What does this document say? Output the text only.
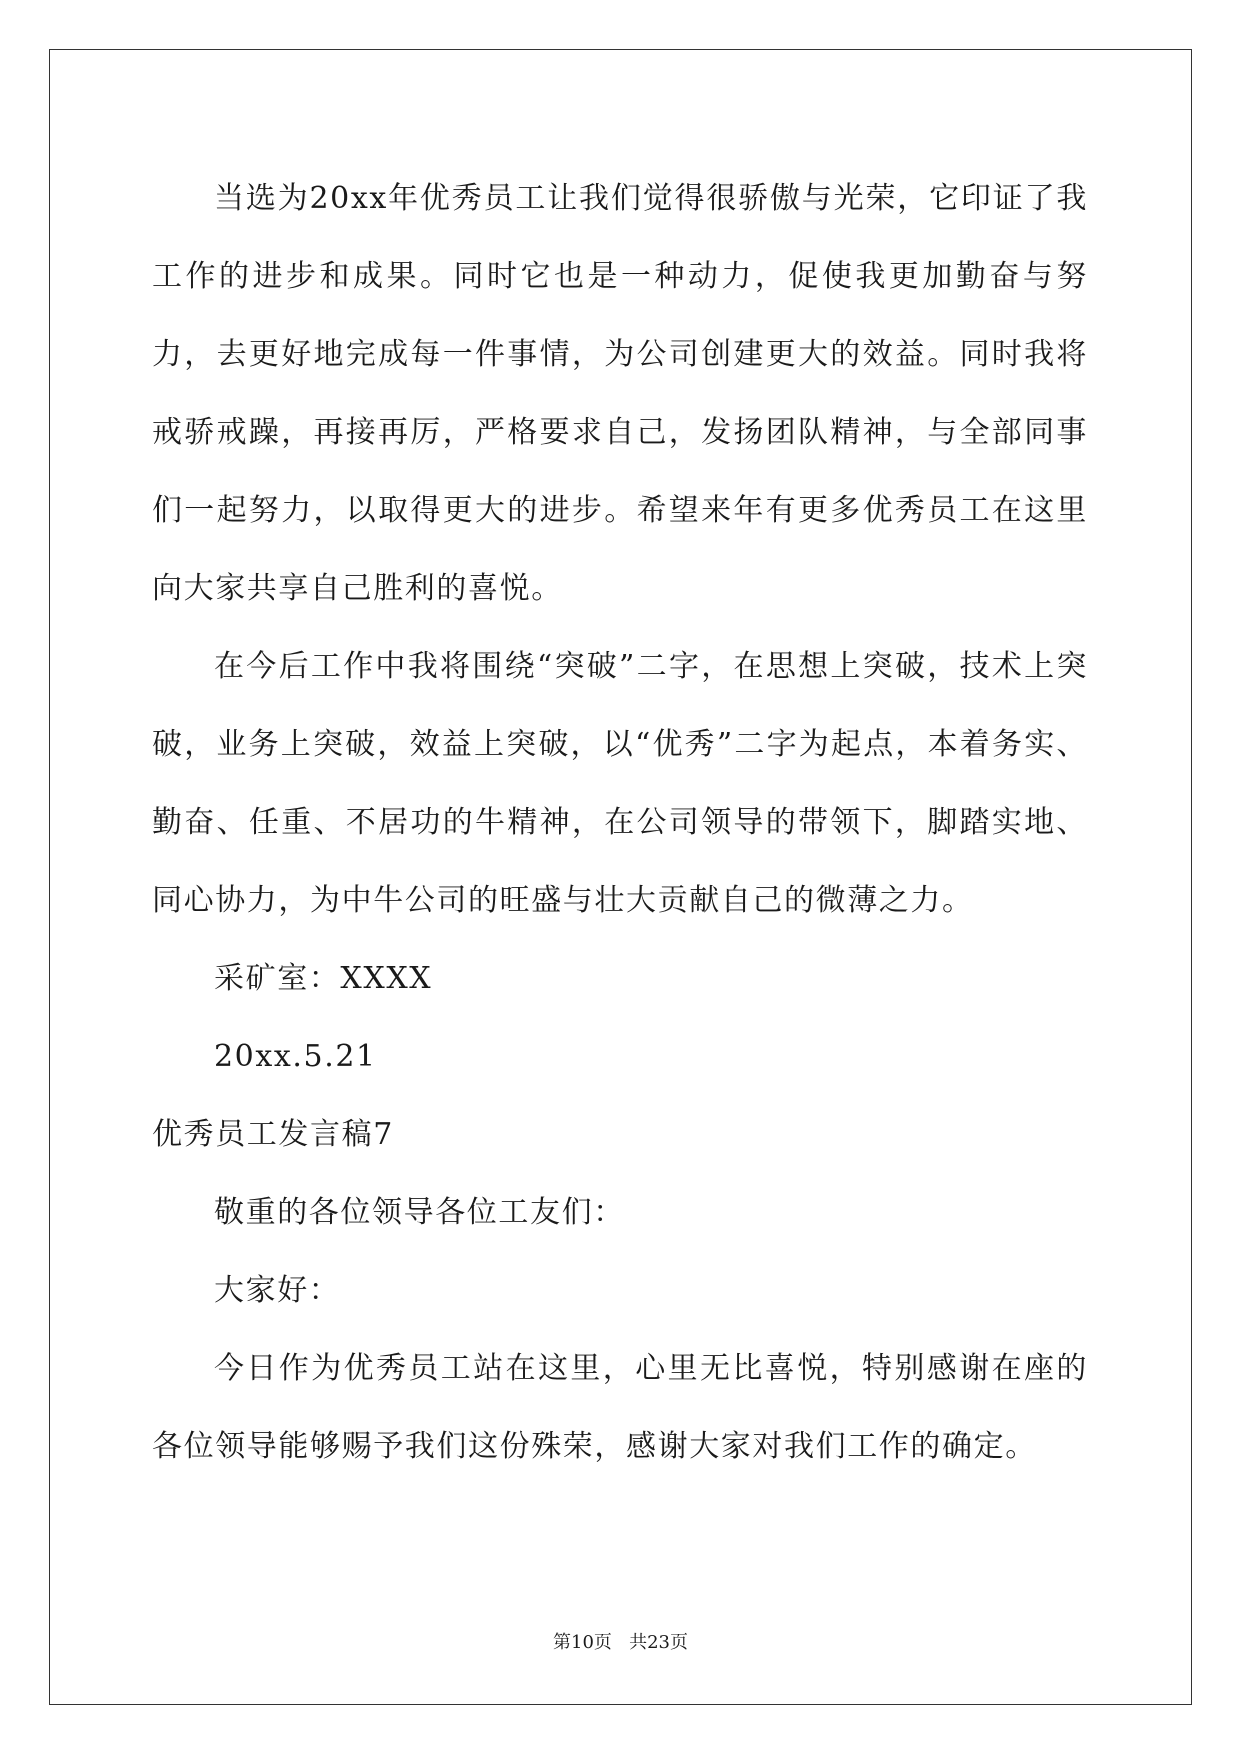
当选为20xx年优秀员工让我们觉得很骄傲与光荣，它印证了我工作的进步和成果。同时它也是一种动力，促使我更加勤奋与努力，去更好地完成每一件事情，为公司创建更大的效益。同时我将戒骄戒躁，再接再厉，严格要求自己，发扬团队精神，与全部同事们一起努力，以取得更大的进步。希望来年有更多优秀员工在这里向大家共享自己胜利的喜悦。

在今后工作中我将围绕“突破”二字，在思想上突破，技术上突破，业务上突破，效益上突破，以“优秀”二字为起点，本着务实、勤奋、任重、不居功的牛精神，在公司领导的带领下，脚踏实地、同心协力，为中牛公司的旺盛与壮大贡献自己的微薄之力。

采矿室：XXXX

20xx.5.21

优秀员工发言稿7

敬重的各位领导各位工友们：

大家好：

今日作为优秀员工站在这里，心里无比喜悦，特别感谢在座的各位领导能够赐予我们这份殊荣，感谢大家对我们工作的确定。

第10页   共23页
